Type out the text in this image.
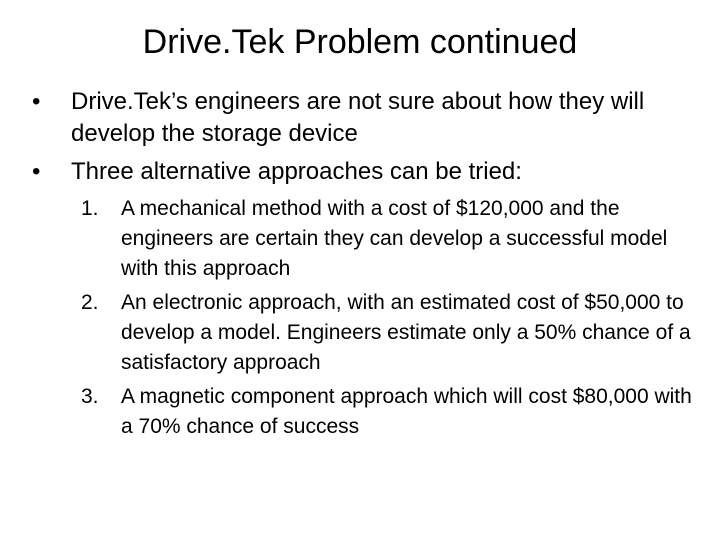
Drive.Tek Problem continued
•	Drive.Tek’s engineers are not sure about how they will develop the storage device
•	Three alternative approaches can be tried:
1.	A mechanical method with a cost of $120,000 and the engineers are certain they can develop a successful model with this approach
2.	An electronic approach, with an estimated cost of $50,000 to develop a model. Engineers estimate only a 50% chance of a satisfactory approach
3.	A magnetic component approach which will cost $80,000 with a 70% chance of success
